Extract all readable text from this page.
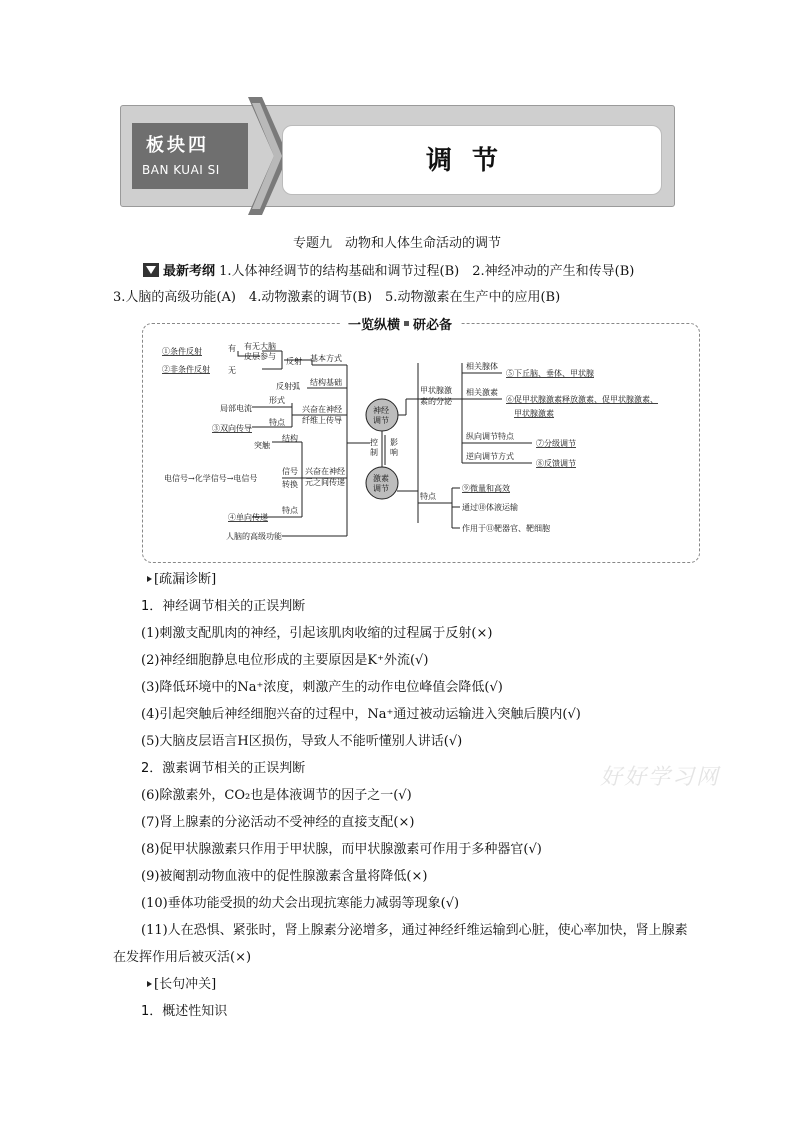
板块四
BAN KUAI SI	调节
专题九　动物和人体生命活动的调节
最新考纲 1.人体神经调节的结构基础和调节过程(B)　2.神经冲动的产生和传导(B)
3.人脑的高级功能(A)　4.动物激素的调节(B)　5.动物激素在生产中的应用(B)
一览纵横 研必备
神经
调节
激素
调节
控
制
影
响
①条件反射
②非条件反射
有
无
有无大脑
皮层参与
反射 基本方式
反射弧 结构基础
局部电流
形式
③双向传导
特点
兴奋在神经
纤维上传导
突触
结构
电信号→化学信号→电信号
信号
转换
兴奋在神经
元之间传递
④单向传递
特点
人脑的高级功能
甲状腺激
素的分泌
相关腺体
⑤下丘脑、垂体、甲状腺
相关激素
⑥促甲状腺激素释放激素、促甲状腺激素、
甲状腺激素
纵向调节特点
⑦分级调节
逆向调节方式
⑧反馈调节
特点
⑨微量和高效
通过⑩体液运输
作用于⑪靶器官、靶细胞

[疏漏诊断]

1．神经调节相关的正误判断

(1)刺激支配肌肉的神经，引起该肌肉收缩的过程属于反射(×)

(2)神经细胞静息电位形成的主要原因是K⁺外流(√)

(3)降低环境中的Na⁺浓度，刺激产生的动作电位峰值会降低(√)

(4)引起突触后神经细胞兴奋的过程中，Na⁺通过被动运输进入突触后膜内(√)

(5)大脑皮层语言H区损伤，导致人不能听懂别人讲话(√)

2．激素调节相关的正误判断

(6)除激素外，CO₂也是体液调节的因子之一(√)

(7)肾上腺素的分泌活动不受神经的直接支配(×)

(8)促甲状腺激素只作用于甲状腺，而甲状腺激素可作用于多种器官(√)

(9)被阉割动物血液中的促性腺激素含量将降低(×)

(10)垂体功能受损的幼犬会出现抗寒能力减弱等现象(√)

(11)人在恐惧、紧张时，肾上腺素分泌增多，通过神经纤维运输到心脏，使心率加快，肾上腺素在发挥作用后被灭活(×)

[长句冲关]

1．概述性知识

好好学习网
